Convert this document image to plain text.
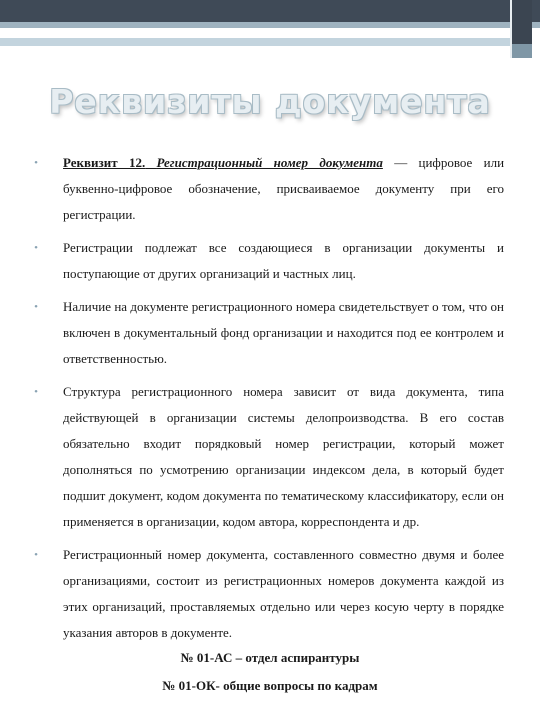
Реквизиты документа
•	Реквизит 12. Регистрационный номер документа — цифровое или буквенно-цифровое обозначение, присваиваемое документу при его регистрации.
•	Регистрации подлежат все создающиеся в организации документы и поступающие от других организаций и частных лиц.
•	Наличие на документе регистрационного номера свидетельствует о том, что он включен в документальный фонд организации и находится под ее контролем и ответственностью.
•	Структура регистрационного номера зависит от вида документа, типа действующей в организации системы делопроизводства. В его состав обязательно входит порядковый номер регистрации, который может дополняться по усмотрению организации индексом дела, в который будет подшит документ, кодом документа по тематическому классификатору, если он применяется в организации, кодом автора, корреспондента и др.
•	Регистрационный номер документа, составленного совместно двумя и более организациями, состоит из регистрационных номеров документа каждой из этих организаций, проставляемых отдельно или через косую черту в порядке указания авторов в документе.
№ 01-АС – отдел аспирантуры
№ 01-ОК- общие вопросы по кадрам
